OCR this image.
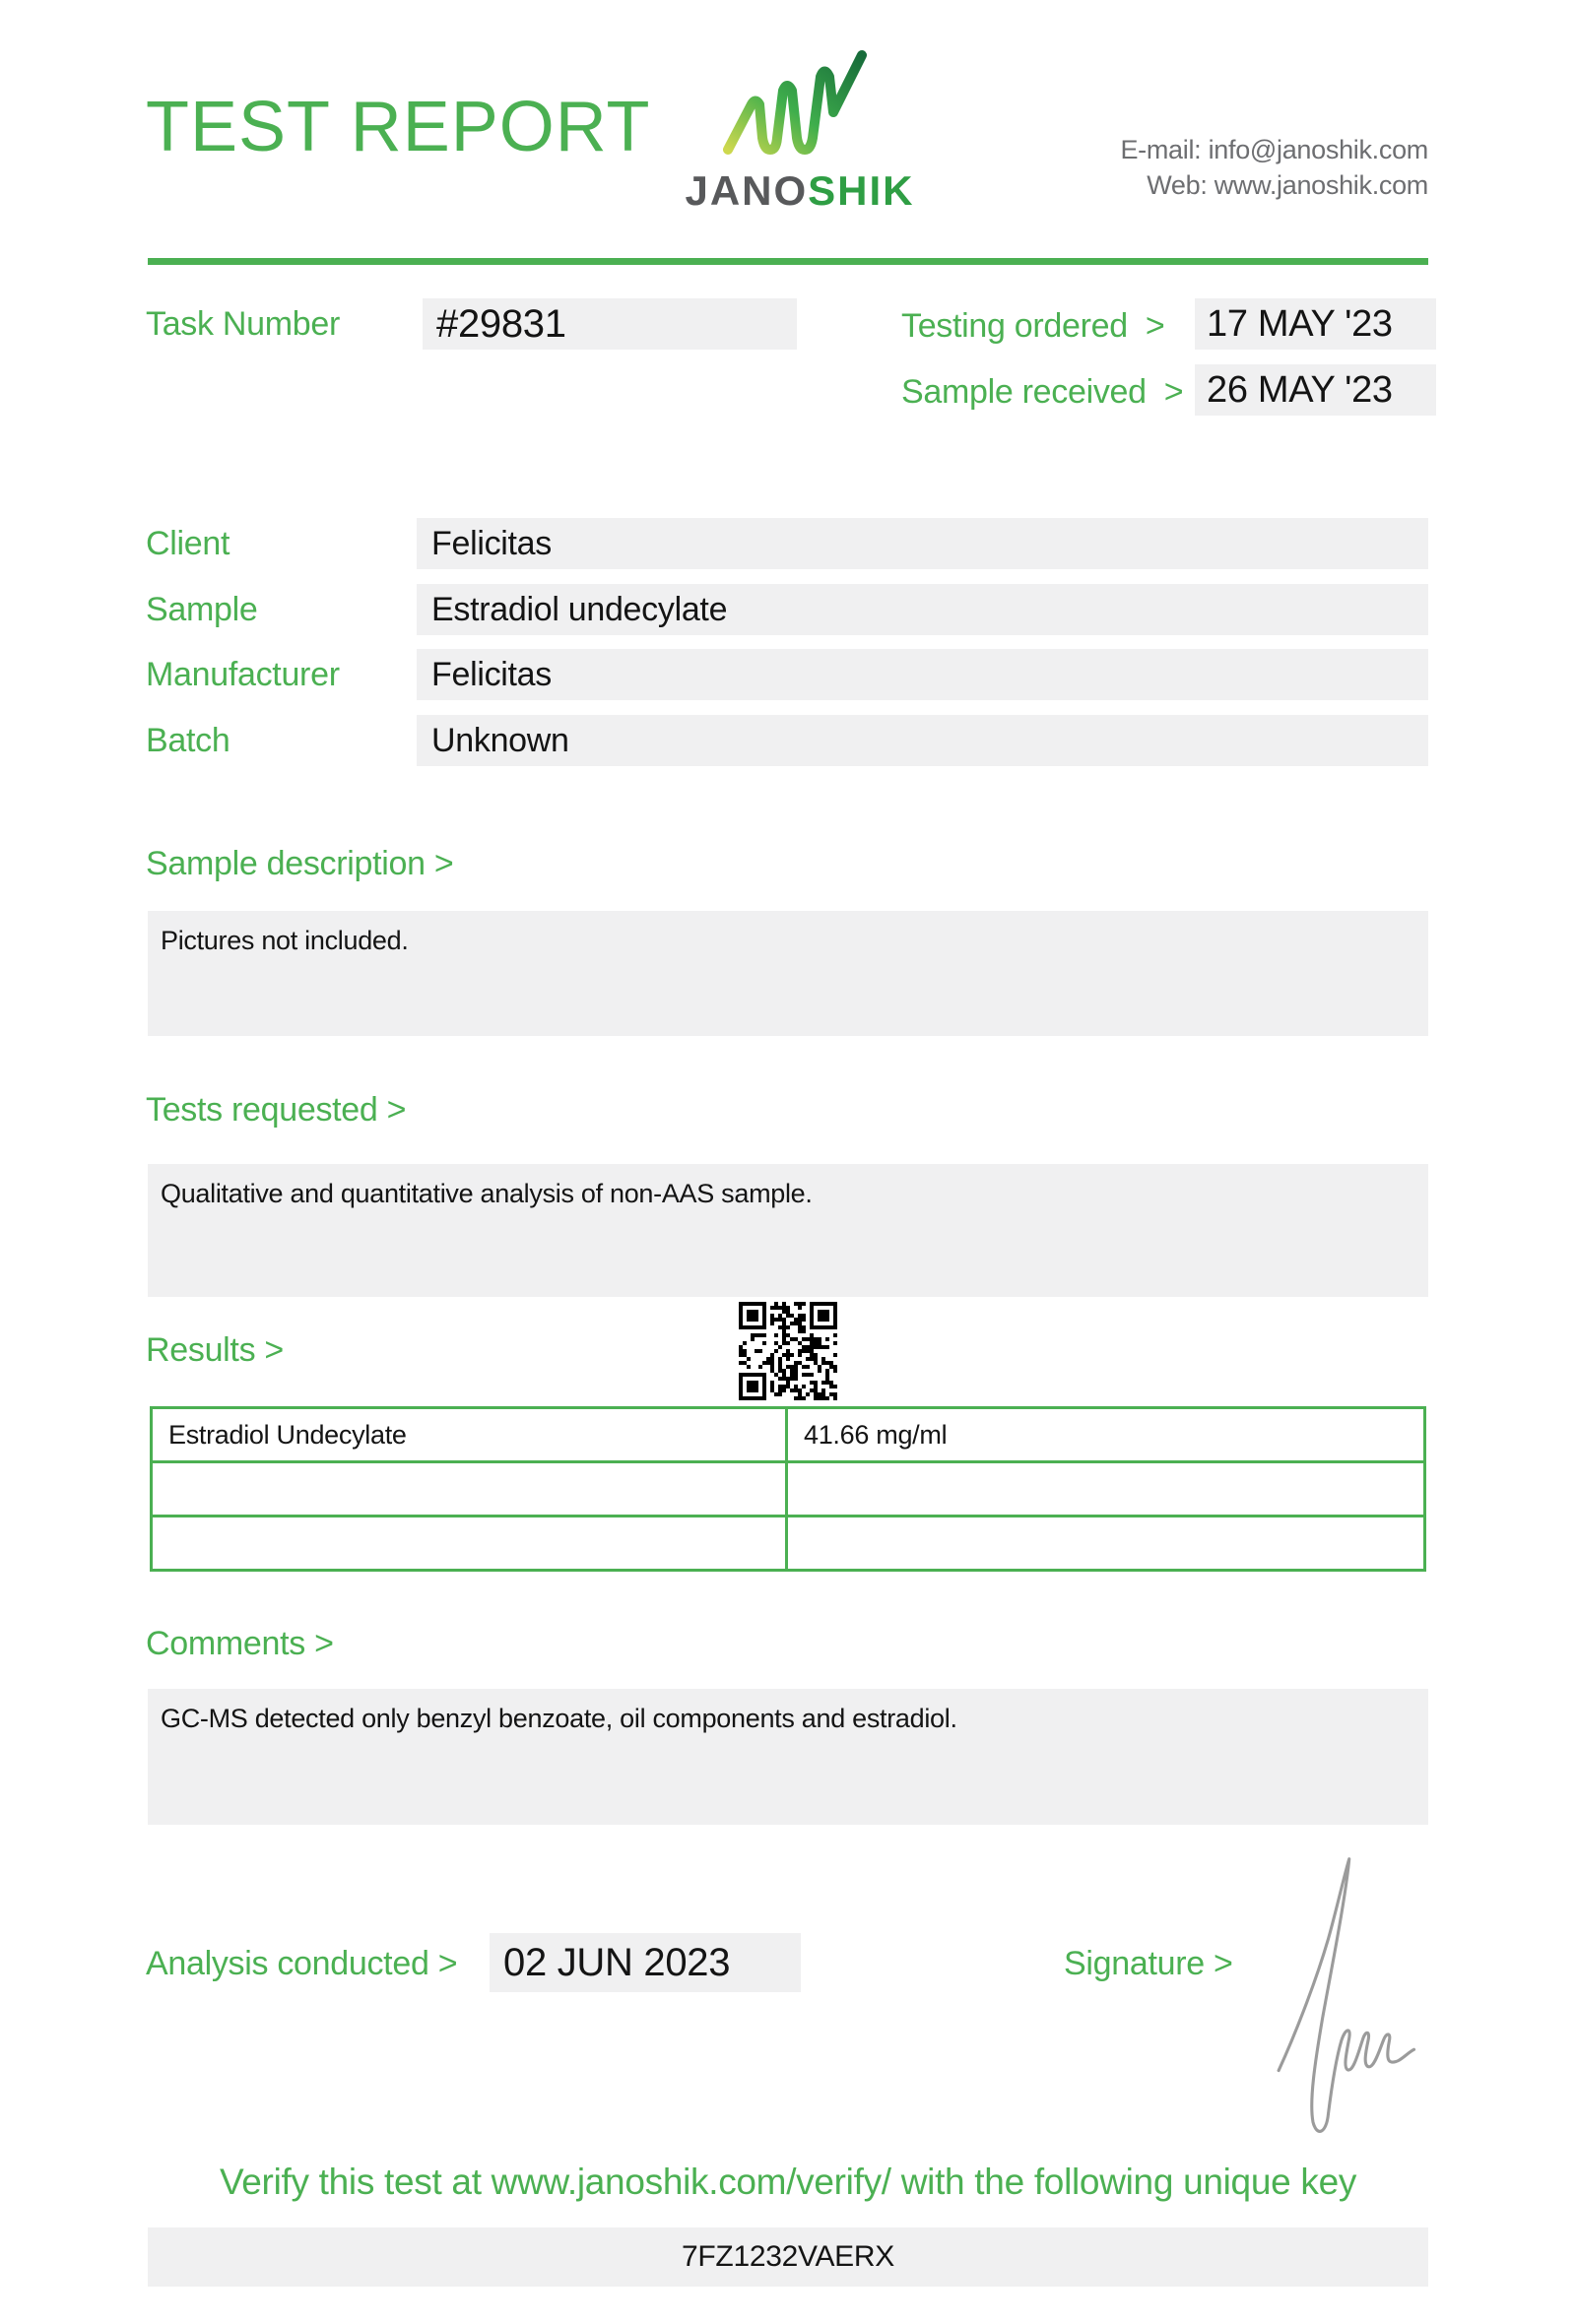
TEST REPORT
JANOSHIK
E-mail: info@janoshik.com
Web: www.janoshik.com
Task Number	#29831	Testing ordered >	17 MAY '23
Sample received > 26 MAY '23
Client	Felicitas
Sample	Estradiol undecylate
Manufacturer	Felicitas
Batch	Unknown
Sample description >
Pictures not included.
Tests requested >
Qualitative and quantitative analysis of non-AAS sample.
Results >
Estradiol Undecylate	41.66 mg/ml

Comments >
GC-MS detected only benzyl benzoate, oil components and estradiol.
Analysis conducted >	02 JUN 2023	Signature >
Verify this test at www.janoshik.com/verify/ with the following unique key
7FZ1232VAERX
